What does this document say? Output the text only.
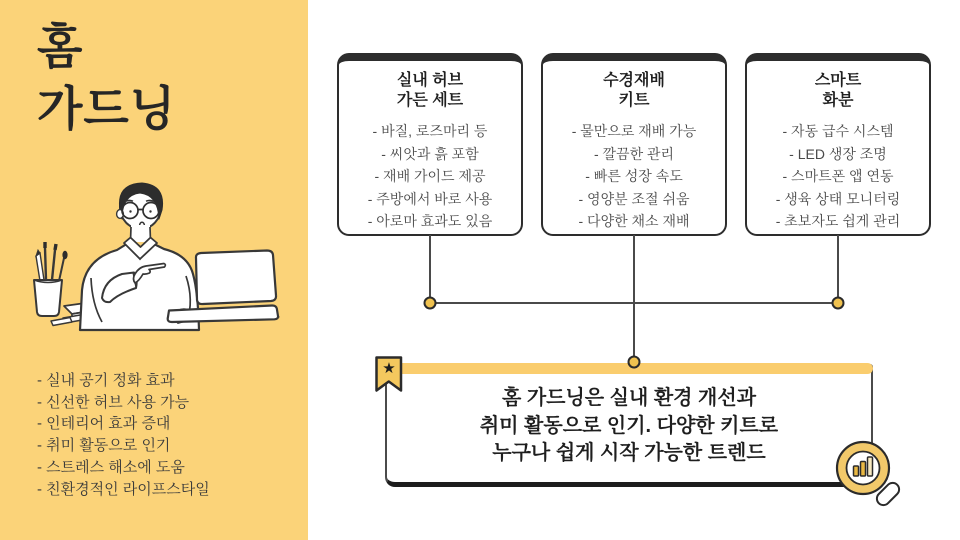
홈
가드닝
- 실내 공기 정화 효과
- 신선한 허브 사용 가능
- 인테리어 효과 증대
- 취미 활동으로 인기
- 스트레스 해소에 도움
- 친환경적인 라이프스타일
실내 허브
가든 세트
- 바질, 로즈마리 등
- 씨앗과 흙 포함
- 재배 가이드 제공
- 주방에서 바로 사용
- 아로마 효과도 있음
수경재배
키트
- 물만으로 재배 가능
- 깔끔한 관리
- 빠른 성장 속도
- 영양분 조절 쉬움
- 다양한 채소 재배
스마트
화분
- 자동 급수 시스템
- LED 생장 조명
- 스마트폰 앱 연동
- 생육 상태 모니터링
- 초보자도 쉽게 관리
★
홈 가드닝은 실내 환경 개선과
취미 활동으로 인기. 다양한 키트로
누구나 쉽게 시작 가능한 트렌드
